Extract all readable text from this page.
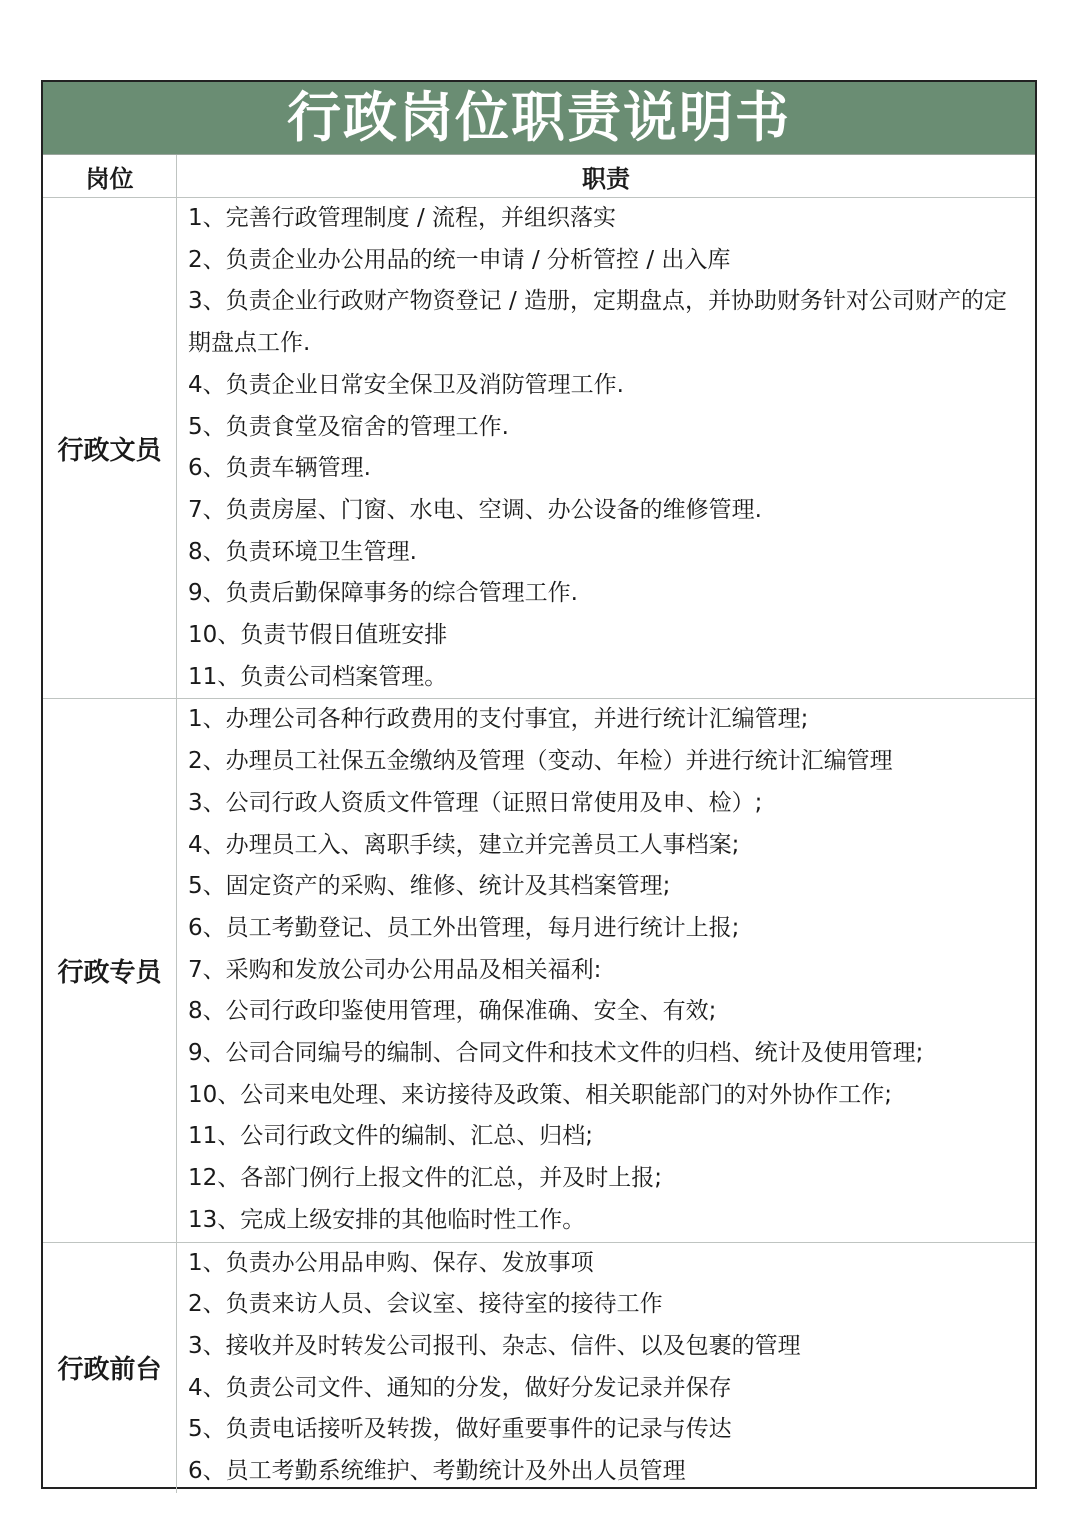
行政岗位职责说明书
岗位	职责
行政文员
1、完善行政管理制度 / 流程，并组织落实
2、负责企业办公用品的统一申请 / 分析管控 / 出入库
3、负责企业行政财产物资登记 / 造册，定期盘点，并协助财务针对公司财产的定期盘点工作.
4、负责企业日常安全保卫及消防管理工作.
5、负责食堂及宿舍的管理工作.
6、负责车辆管理.
7、负责房屋、门窗、水电、空调、办公设备的维修管理.
8、负责环境卫生管理.
9、负责后勤保障事务的综合管理工作.
10、负责节假日值班安排
11、负责公司档案管理。
行政专员
1、办理公司各种行政费用的支付事宜，并进行统计汇编管理;
2、办理员工社保五金缴纳及管理（变动、年检）并进行统计汇编管理
3、公司行政人资质文件管理（证照日常使用及申、检）;
4、办理员工入、离职手续，建立并完善员工人事档案;
5、固定资产的采购、维修、统计及其档案管理;
6、员工考勤登记、员工外出管理，每月进行统计上报;
7、采购和发放公司办公用品及相关福利:
8、公司行政印鉴使用管理，确保准确、安全、有效;
9、公司合同编号的编制、合同文件和技术文件的归档、统计及使用管理;
10、公司来电处理、来访接待及政策、相关职能部门的对外协作工作;
11、公司行政文件的编制、汇总、归档;
12、各部门例行上报文件的汇总，并及时上报;
13、完成上级安排的其他临时性工作。
行政前台
1、负责办公用品申购、保存、发放事项
2、负责来访人员、会议室、接待室的接待工作
3、接收并及时转发公司报刊、杂志、信件、以及包裹的管理
4、负责公司文件、通知的分发，做好分发记录并保存
5、负责电话接听及转拨，做好重要事件的记录与传达
6、员工考勤系统维护、考勤统计及外出人员管理
